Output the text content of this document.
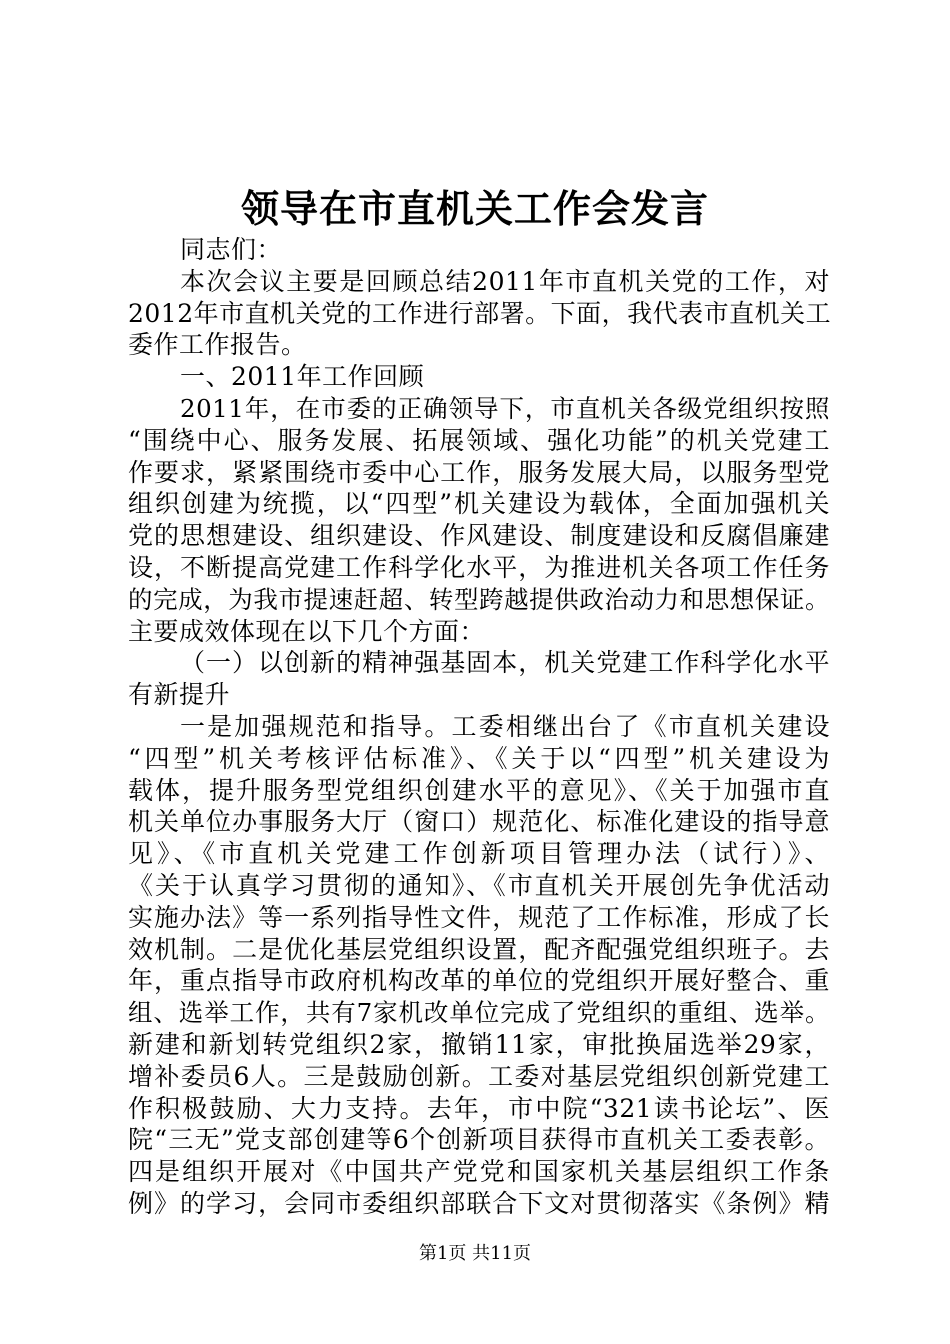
领导在市直机关工作会发言
同志们：
本次会议主要是回顾总结2011年市直机关党的工作，对
2012年市直机关党的工作进行部署。下面，我代表市直机关工
委作工作报告。
一、2011年工作回顾
2011年，在市委的正确领导下，市直机关各级党组织按照
“围绕中心、服务发展、拓展领域、强化功能”的机关党建工
作要求，紧紧围绕市委中心工作，服务发展大局，以服务型党
组织创建为统揽，以“四型”机关建设为载体，全面加强机关
党的思想建设、组织建设、作风建设、制度建设和反腐倡廉建
设，不断提高党建工作科学化水平，为推进机关各项工作任务
的完成，为我市提速赶超、转型跨越提供政治动力和思想保证。
主要成效体现在以下几个方面：
（一）以创新的精神强基固本，机关党建工作科学化水平
有新提升
一是加强规范和指导。工委相继出台了《市直机关建设
“四型”机关考核评估标准》、《关于以“四型”机关建设为
载体，提升服务型党组织创建水平的意见》、《关于加强市直
机关单位办事服务大厅（窗口）规范化、标准化建设的指导意
见》、《市直机关党建工作创新项目管理办法（试行）》、
《关于认真学习贯彻的通知》、《市直机关开展创先争优活动
实施办法》等一系列指导性文件，规范了工作标准，形成了长
效机制。二是优化基层党组织设置，配齐配强党组织班子。去
年，重点指导市政府机构改革的单位的党组织开展好整合、重
组、选举工作，共有7家机改单位完成了党组织的重组、选举。
新建和新划转党组织2家，撤销11家，审批换届选举29家，
增补委员6人。三是鼓励创新。工委对基层党组织创新党建工
作积极鼓励、大力支持。去年，市中院“321读书论坛”、医
院“三无”党支部创建等6个创新项目获得市直机关工委表彰。
四是组织开展对《中国共产党党和国家机关基层组织工作条
例》的学习，会同市委组织部联合下文对贯彻落实《条例》精
第1页 共11页
